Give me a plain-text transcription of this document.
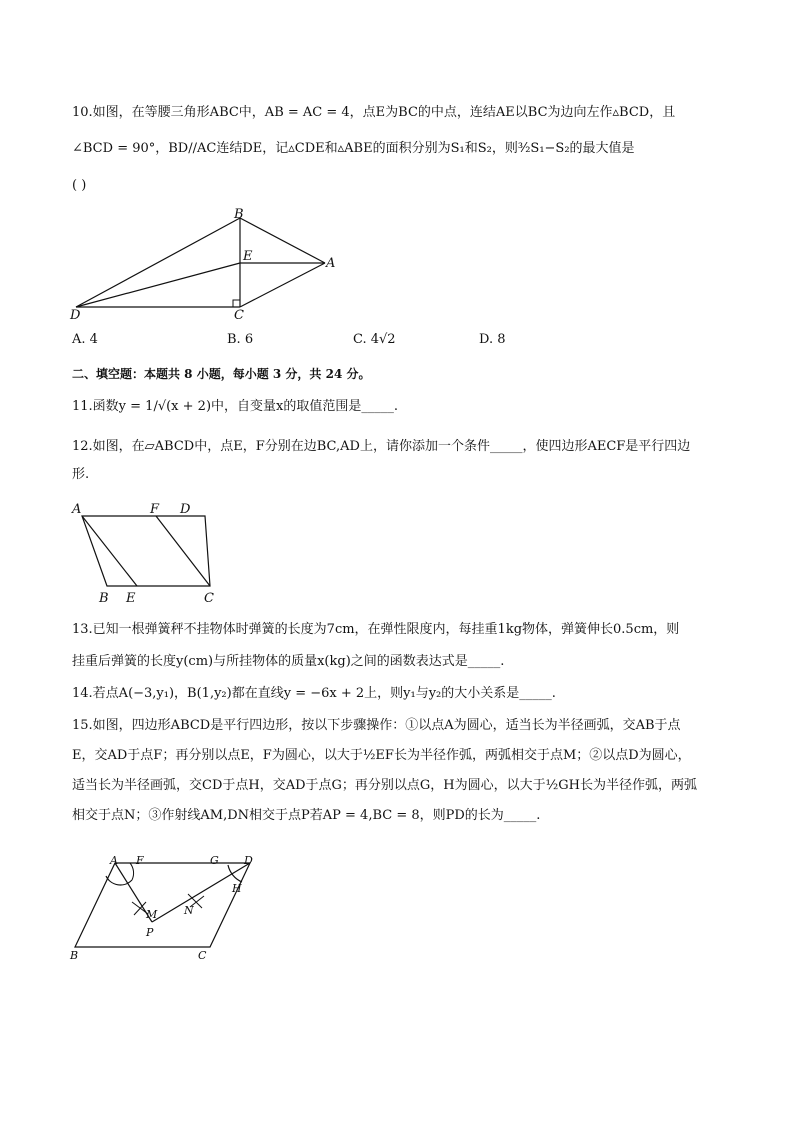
10.如图，在等腰三角形ABC中，AB = AC = 4，点E为BC的中点，连结AE以BC为边向左作▵BCD，且
∠BCD = 90°，BD//AC连结DE，记▵CDE和▵ABE的面积分别为S₁和S₂，则³⁄₂S₁−S₂的最大值是
( )
B
E	A
D	C
A. 4	B. 6	C. 4√2	D. 8
二、填空题：本题共 8 小题，每小题 3 分，共 24 分。
11.函数y = 1/√(x + 2)中，自变量x的取值范围是_____.
12.如图，在▱ABCD中，点E，F分别在边BC,AD上，请你添加一个条件_____，使四边形AECF是平行四边
形.
A	F D
B E	C
13.已知一根弹簧秤不挂物体时弹簧的长度为7cm，在弹性限度内，每挂重1kg物体，弹簧伸长0.5cm，则
挂重后弹簧的长度y(cm)与所挂物体的质量x(kg)之间的函数表达式是_____.
14.若点A(−3,y₁)，B(1,y₂)都在直线y = −6x + 2上，则y₁与y₂的大小关系是_____.
15.如图，四边形ABCD是平行四边形，按以下步骤操作：①以点A为圆心，适当长为半径画弧，交AB于点
E，交AD于点F；再分别以点E，F为圆心，以大于½EF长为半径作弧，两弧相交于点M；②以点D为圆心，
适当长为半径画弧，交CD于点H，交AD于点G；再分别以点G，H为圆心，以大于½GH长为半径作弧，两弧
相交于点N；③作射线AM,DN相交于点P若AP = 4,BC = 8，则PD的长为_____.
A F	G D
M N
H
P
B	C
